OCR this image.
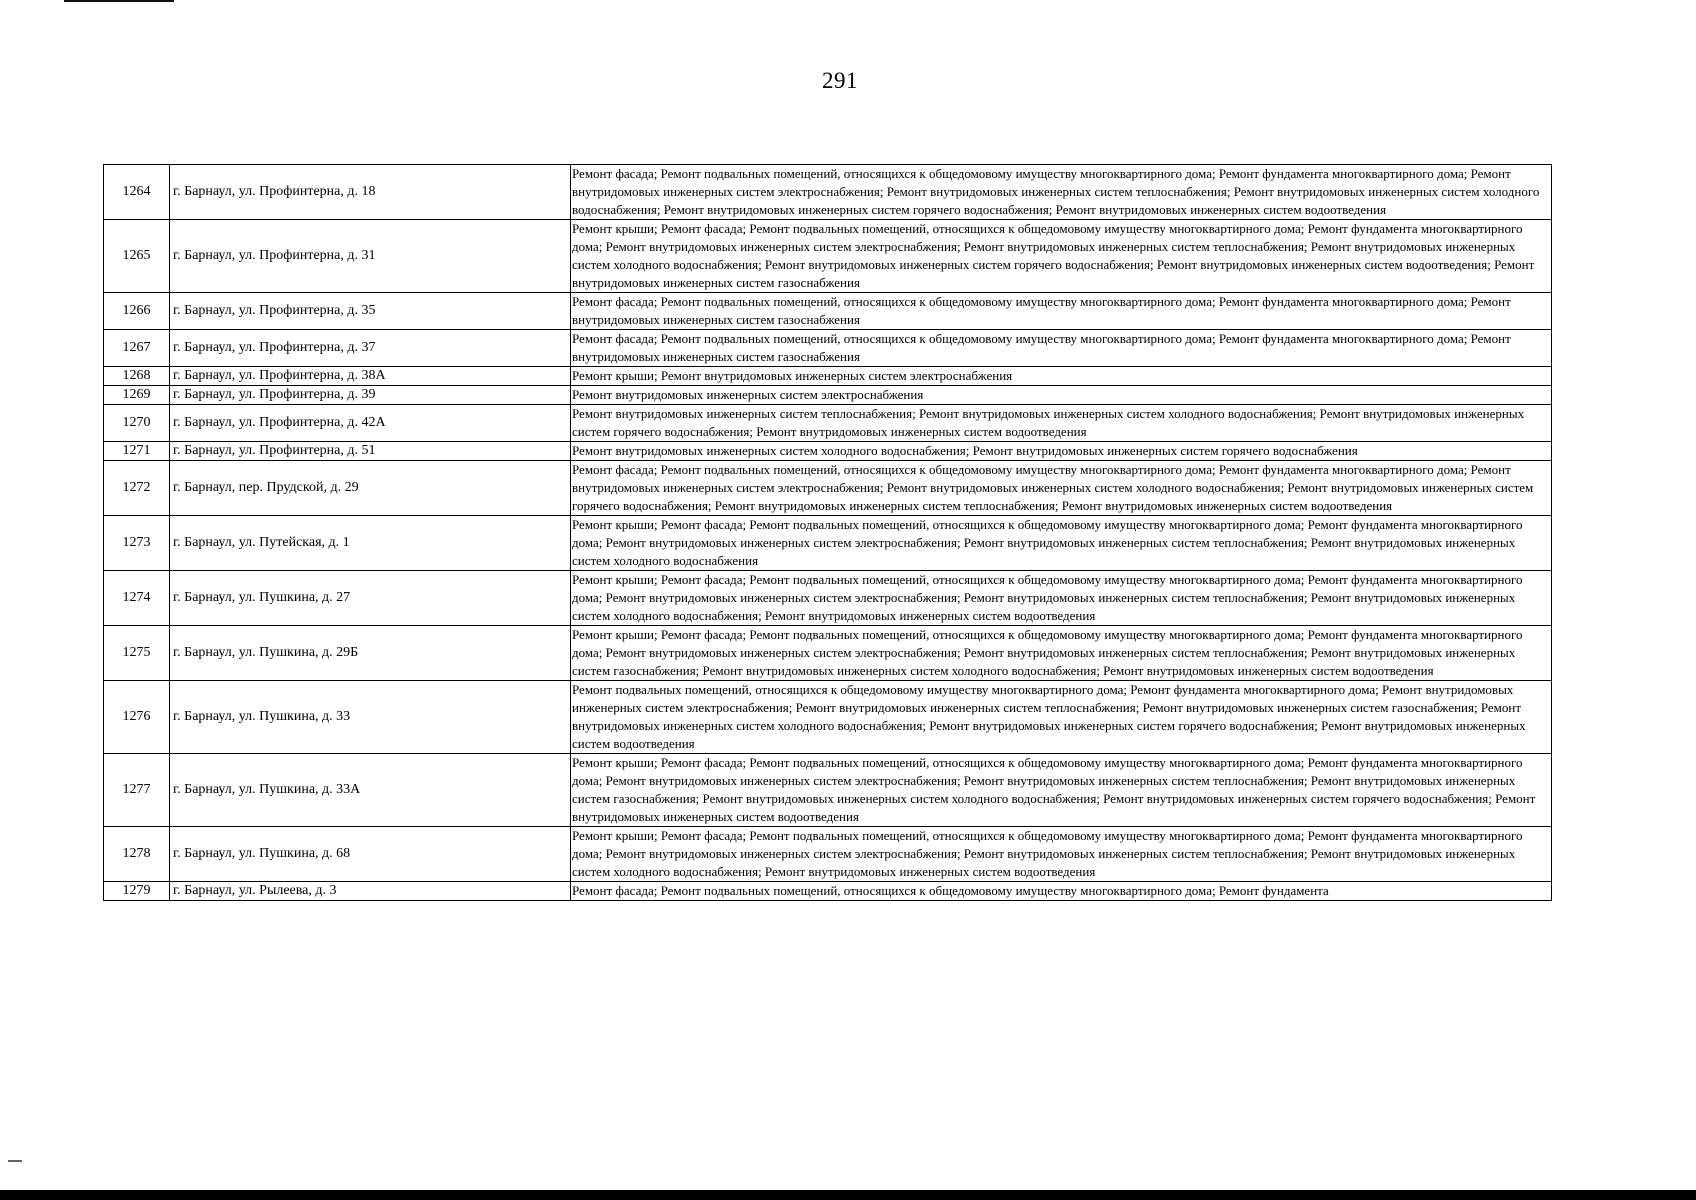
291
1264	г. Барнаул, ул. Профинтерна, д. 18	Ремонт фасада; Ремонт подвальных помещений, относящихся к общедомовому имуществу многоквартирного дома; Ремонт фундамента многоквартирного дома; Ремонт внутридомовых инженерных систем электроснабжения; Ремонт внутридомовых инженерных систем теплоснабжения; Ремонт внутридомовых инженерных систем холодного водоснабжения; Ремонт внутридомовых инженерных систем горячего водоснабжения; Ремонт внутридомовых инженерных систем водоотведения
1265	г. Барнаул, ул. Профинтерна, д. 31	Ремонт крыши; Ремонт фасада; Ремонт подвальных помещений, относящихся к общедомовому имуществу многоквартирного дома; Ремонт фундамента многоквартирного дома; Ремонт внутридомовых инженерных систем электроснабжения; Ремонт внутридомовых инженерных систем теплоснабжения; Ремонт внутридомовых инженерных систем холодного водоснабжения; Ремонт внутридомовых инженерных систем горячего водоснабжения; Ремонт внутридомовых инженерных систем водоотведения; Ремонт внутридомовых инженерных систем газоснабжения
1266	г. Барнаул, ул. Профинтерна, д. 35	Ремонт фасада; Ремонт подвальных помещений, относящихся к общедомовому имуществу многоквартирного дома; Ремонт фундамента многоквартирного дома; Ремонт внутридомовых инженерных систем газоснабжения
1267	г. Барнаул, ул. Профинтерна, д. 37	Ремонт фасада; Ремонт подвальных помещений, относящихся к общедомовому имуществу многоквартирного дома; Ремонт фундамента многоквартирного дома; Ремонт внутридомовых инженерных систем газоснабжения
1268	г. Барнаул, ул. Профинтерна, д. 38А	Ремонт крыши; Ремонт внутридомовых инженерных систем электроснабжения
1269	г. Барнаул, ул. Профинтерна, д. 39	Ремонт внутридомовых инженерных систем электроснабжения
1270	г. Барнаул, ул. Профинтерна, д. 42А	Ремонт внутридомовых инженерных систем теплоснабжения; Ремонт внутридомовых инженерных систем холодного водоснабжения; Ремонт внутридомовых инженерных систем горячего водоснабжения; Ремонт внутридомовых инженерных систем водоотведения
1271	г. Барнаул, ул. Профинтерна, д. 51	Ремонт внутридомовых инженерных систем холодного водоснабжения; Ремонт внутридомовых инженерных систем горячего водоснабжения
1272	г. Барнаул, пер. Прудской, д. 29	Ремонт фасада; Ремонт подвальных помещений, относящихся к общедомовому имуществу многоквартирного дома; Ремонт фундамента многоквартирного дома; Ремонт внутридомовых инженерных систем электроснабжения; Ремонт внутридомовых инженерных систем холодного водоснабжения; Ремонт внутридомовых инженерных систем горячего водоснабжения; Ремонт внутридомовых инженерных систем теплоснабжения; Ремонт внутридомовых инженерных систем водоотведения
1273	г. Барнаул, ул. Путейская, д. 1	Ремонт крыши; Ремонт фасада; Ремонт подвальных помещений, относящихся к общедомовому имуществу многоквартирного дома; Ремонт фундамента многоквартирного дома; Ремонт внутридомовых инженерных систем электроснабжения; Ремонт внутридомовых инженерных систем теплоснабжения; Ремонт внутридомовых инженерных систем холодного водоснабжения
1274	г. Барнаул, ул. Пушкина, д. 27	Ремонт крыши; Ремонт фасада; Ремонт подвальных помещений, относящихся к общедомовому имуществу многоквартирного дома; Ремонт фундамента многоквартирного дома; Ремонт внутридомовых инженерных систем электроснабжения; Ремонт внутридомовых инженерных систем теплоснабжения; Ремонт внутридомовых инженерных систем холодного водоснабжения; Ремонт внутридомовых инженерных систем водоотведения
1275	г. Барнаул, ул. Пушкина, д. 29Б	Ремонт крыши; Ремонт фасада; Ремонт подвальных помещений, относящихся к общедомовому имуществу многоквартирного дома; Ремонт фундамента многоквартирного дома; Ремонт внутридомовых инженерных систем электроснабжения; Ремонт внутридомовых инженерных систем теплоснабжения; Ремонт внутридомовых инженерных систем газоснабжения; Ремонт внутридомовых инженерных систем холодного водоснабжения; Ремонт внутридомовых инженерных систем водоотведения
1276	г. Барнаул, ул. Пушкина, д. 33	Ремонт подвальных помещений, относящихся к общедомовому имуществу многоквартирного дома; Ремонт фундамента многоквартирного дома; Ремонт внутридомовых инженерных систем электроснабжения; Ремонт внутридомовых инженерных систем теплоснабжения; Ремонт внутридомовых инженерных систем газоснабжения; Ремонт внутридомовых инженерных систем холодного водоснабжения; Ремонт внутридомовых инженерных систем горячего водоснабжения; Ремонт внутридомовых инженерных систем водоотведения
1277	г. Барнаул, ул. Пушкина, д. 33А	Ремонт крыши; Ремонт фасада; Ремонт подвальных помещений, относящихся к общедомовому имуществу многоквартирного дома; Ремонт фундамента многоквартирного дома; Ремонт внутридомовых инженерных систем электроснабжения; Ремонт внутридомовых инженерных систем теплоснабжения; Ремонт внутридомовых инженерных систем газоснабжения; Ремонт внутридомовых инженерных систем холодного водоснабжения; Ремонт внутридомовых инженерных систем горячего водоснабжения; Ремонт внутридомовых инженерных систем водоотведения
1278	г. Барнаул, ул. Пушкина, д. 68	Ремонт крыши; Ремонт фасада; Ремонт подвальных помещений, относящихся к общедомовому имуществу многоквартирного дома; Ремонт фундамента многоквартирного дома; Ремонт внутридомовых инженерных систем электроснабжения; Ремонт внутридомовых инженерных систем теплоснабжения; Ремонт внутридомовых инженерных систем холодного водоснабжения; Ремонт внутридомовых инженерных систем водоотведения
1279	г. Барнаул, ул. Рылеева, д. 3	Ремонт фасада; Ремонт подвальных помещений, относящихся к общедомовому имуществу многоквартирного дома; Ремонт фундамента
